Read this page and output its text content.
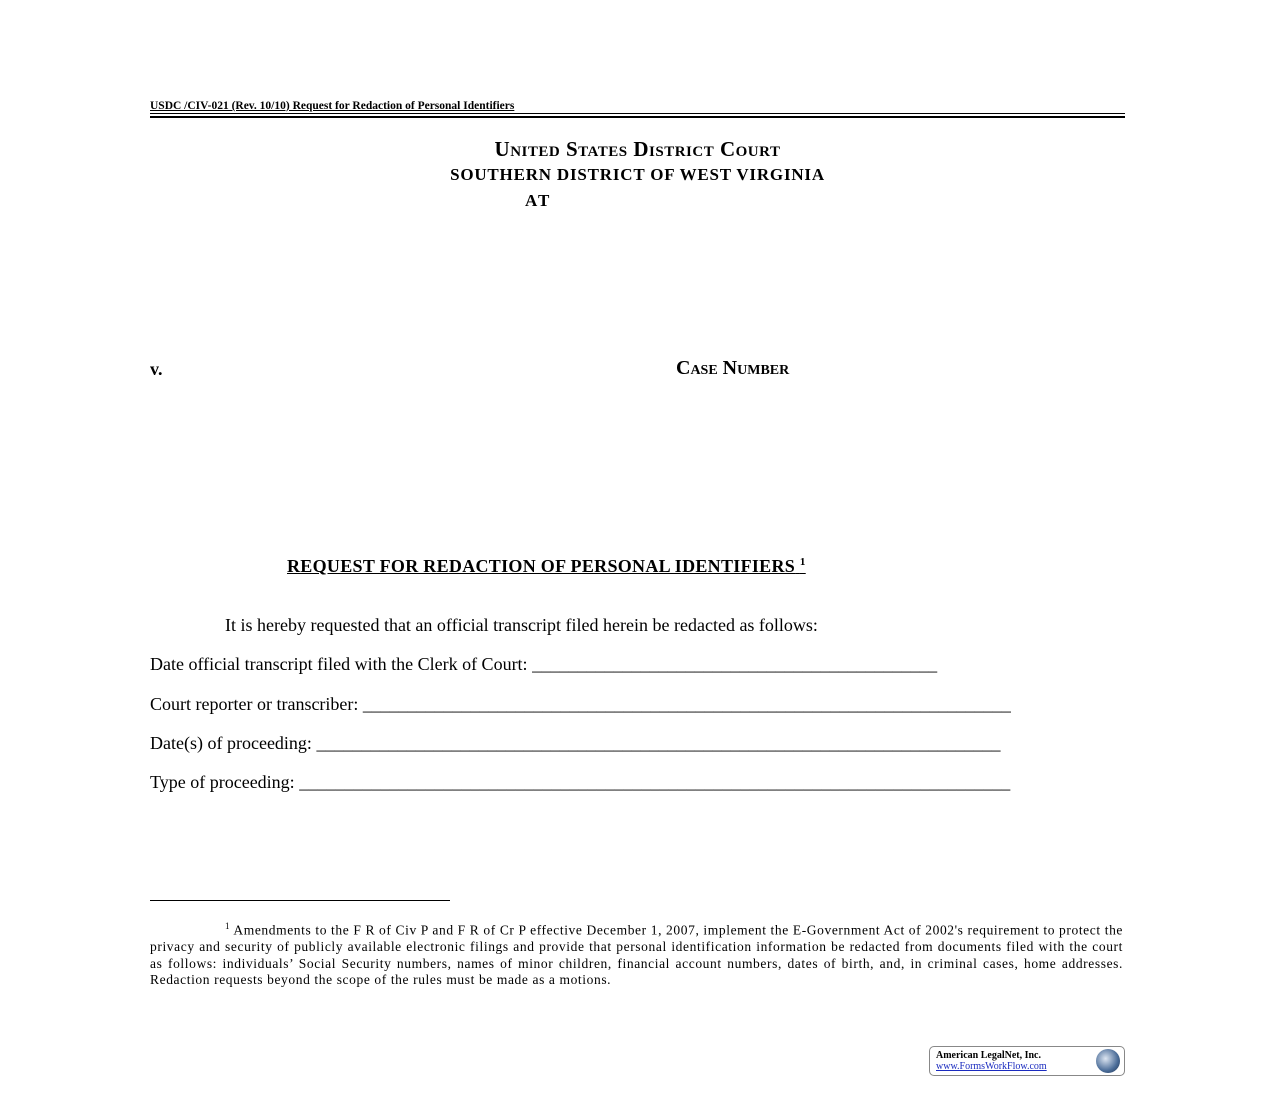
USDC /CIV-021 (Rev. 10/10) Request for Redaction of Personal Identifiers
United States District Court
SOUTHERN DISTRICT OF WEST VIRGINIA
AT
v.	Case Number
REQUEST FOR REDACTION OF PERSONAL IDENTIFIERS $^1$
It is hereby requested that an official transcript filed herein be redacted as follows:
Date official transcript filed with the Clerk of Court: _____________________________________________
Court reporter or transcriber: ________________________________________________________________________
Date(s) of proceeding: ____________________________________________________________________________
Type of proceeding: _______________________________________________________________________________
$^1$ Amendments to the F R of Civ P and F R of Cr P effective December 1, 2007, implement the E-Government Act of 2002's requirement to protect the privacy and security of publicly available electronic filings and provide that personal identification information be redacted from documents filed with the court as follows: individuals’ Social Security numbers, names of minor children, financial account numbers, dates of birth, and, in criminal cases, home addresses. Redaction requests beyond the scope of the rules must be made as a motions.
American LegalNet, Inc.
www.FormsWorkFlow.com
